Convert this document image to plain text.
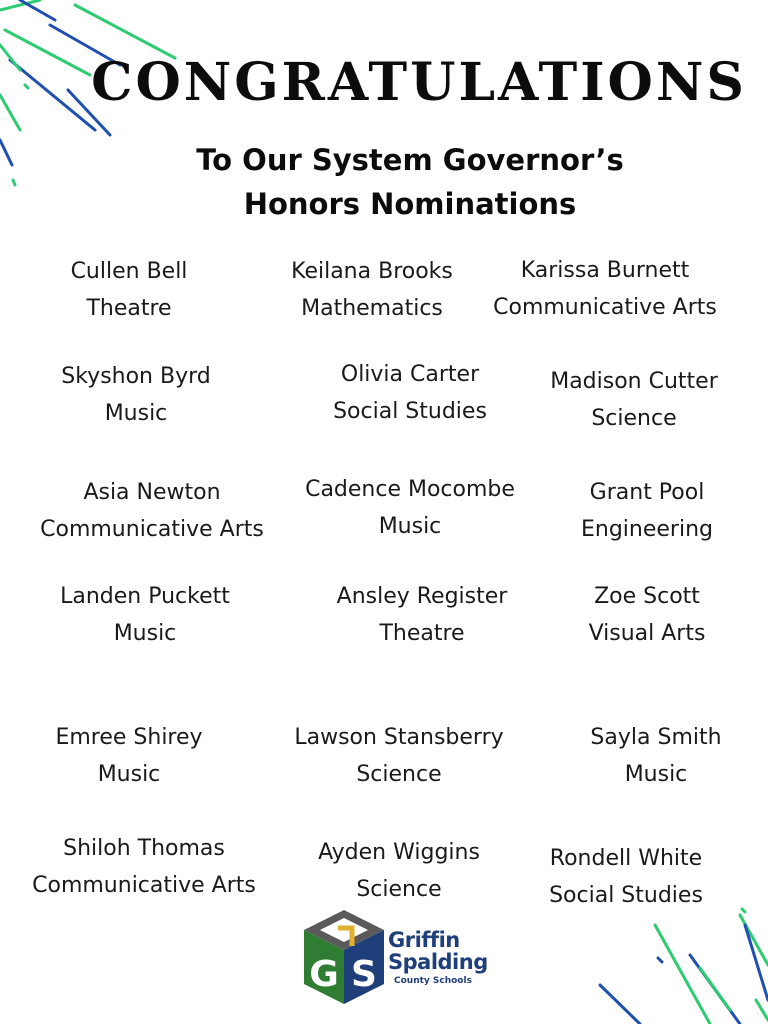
CONGRATULATIONS
To Our System Governor’s
Honors Nominations
Cullen Bell
Theatre
Keilana Brooks
Mathematics
Karissa Burnett
Communicative Arts
Skyshon Byrd
Music
Olivia Carter
Social Studies
Madison Cutter
Science
Asia Newton
Communicative Arts
Cadence Mocombe
Music
Grant Pool
Engineering
Landen Puckett
Music
Ansley Register
Theatre
Zoe Scott
Visual Arts
Emree Shirey
Music
Lawson Stansberry
Science
Sayla Smith
Music
Shiloh Thomas
Communicative Arts
Ayden Wiggins
Science
Rondell White
Social Studies
G S
Griffin
Spalding
County Schools
